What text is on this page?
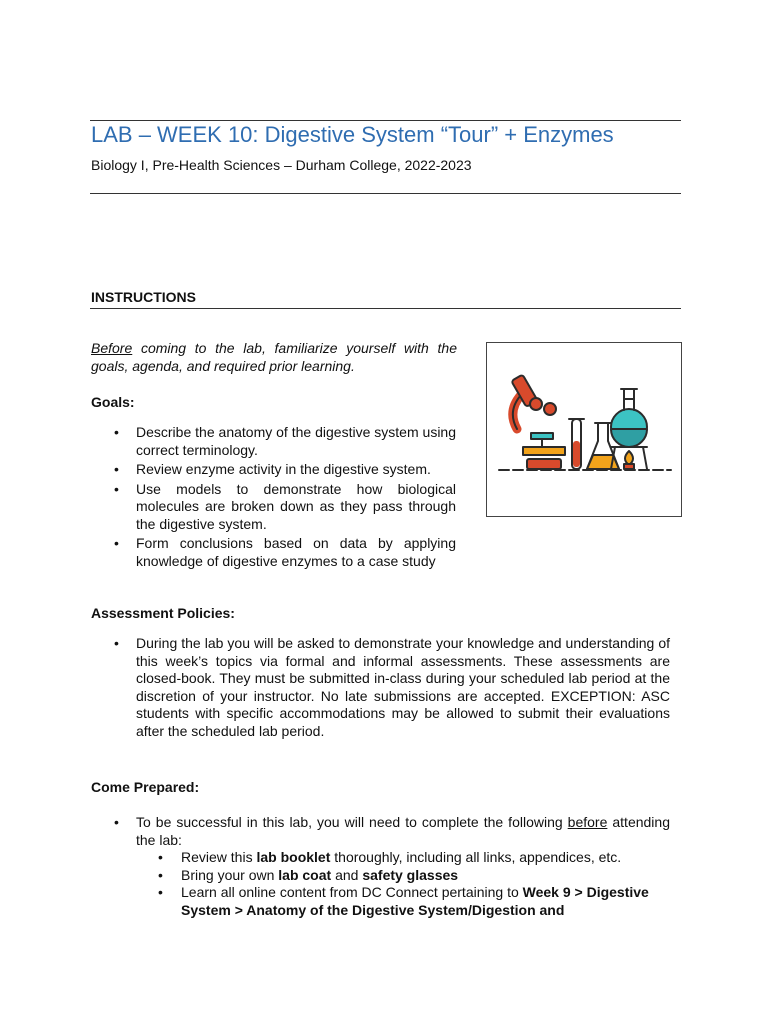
LAB – WEEK 10: Digestive System “Tour” + Enzymes
Biology I, Pre-Health Sciences – Durham College, 2022-2023
INSTRUCTIONS
Before coming to the lab, familiarize yourself with the goals, agenda, and required prior learning.
Goals:
• Describe the anatomy of the digestive system using correct terminology.
• Review enzyme activity in the digestive system.
• Use models to demonstrate how biological molecules are broken down as they pass through the digestive system.
• Form conclusions based on data by applying knowledge of digestive enzymes to a case study
Assessment Policies:
• During the lab you will be asked to demonstrate your knowledge and understanding of this week’s topics via formal and informal assessments. These assessments are closed-book. They must be submitted in-class during your scheduled lab period at the discretion of your instructor. No late submissions are accepted. EXCEPTION: ASC students with specific accommodations may be allowed to submit their evaluations after the scheduled lab period.
Come Prepared:
• To be successful in this lab, you will need to complete the following before attending the lab:
• Review this lab booklet thoroughly, including all links, appendices, etc.
• Bring your own lab coat and safety glasses
• Learn all online content from DC Connect pertaining to Week 9 > Digestive System > Anatomy of the Digestive System/Digestion and
